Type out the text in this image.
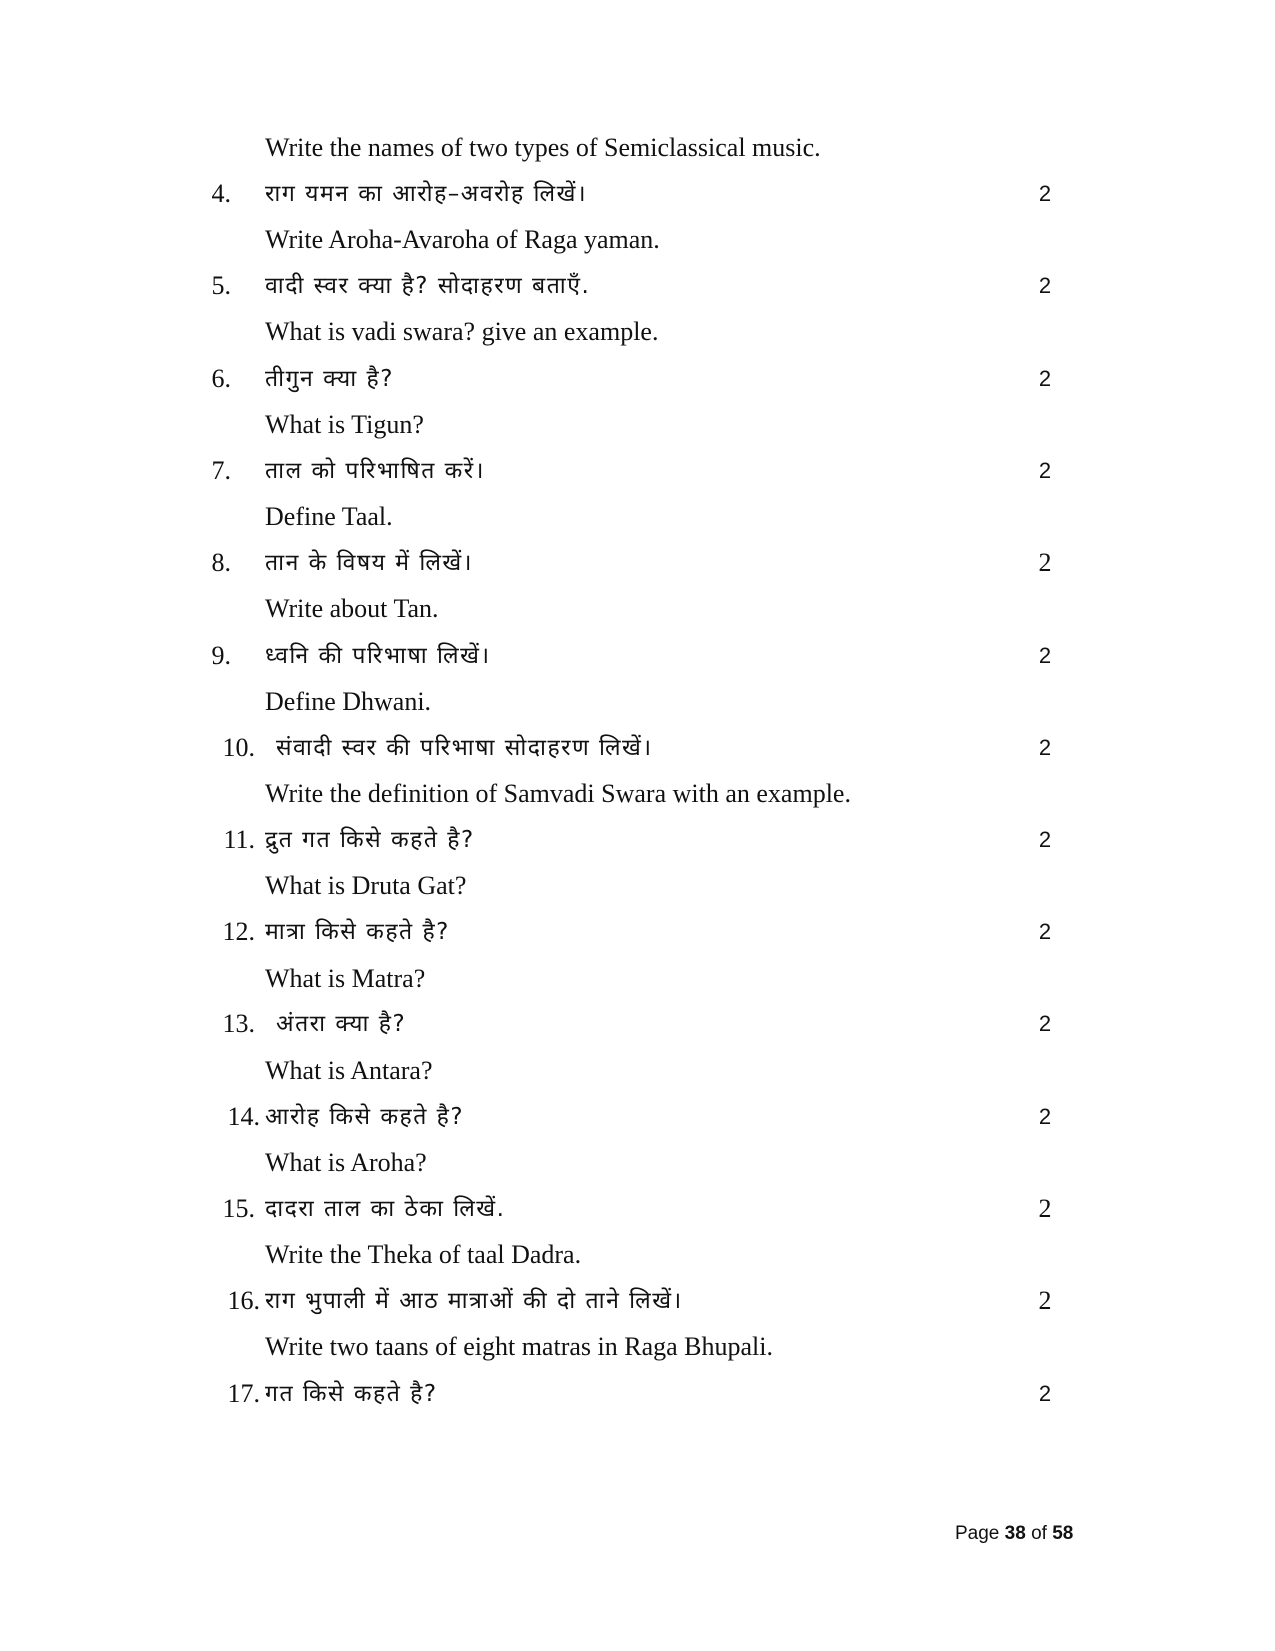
Write the names of two types of Semiclassical music.
4. राग यमन का आरोह–अवरोह लिखें।	2
Write Aroha-Avaroha of Raga yaman.
5. वादी स्वर क्या है? सोदाहरण बताएँ.	2
What is vadi swara? give an example.
6. तीगुन क्या है?	2
What is Tigun?
7. ताल को परिभाषित करें।	2
Define Taal.
8. तान के विषय में लिखें।	2
Write about Tan.
9. ध्वनि की परिभाषा लिखें।	2
Define Dhwani.
10. संवादी स्वर की परिभाषा सोदाहरण लिखें।	2
Write the definition of Samvadi Swara with an example.
11. द्रुत गत किसे कहते है?	2
What is Druta Gat?
12. मात्रा किसे कहते है?	2
What is Matra?
13. अंतरा क्या है?	2
What is Antara?
14. आरोह किसे कहते है?	2
What is Aroha?
15. दादरा ताल का ठेका लिखें.	2
Write the Theka of taal Dadra.
16. राग भुपाली में आठ मात्राओं की दो ताने लिखें।	2
Write two taans of eight matras in Raga Bhupali.
17. गत किसे कहते है?	2
Page 38 of 58
